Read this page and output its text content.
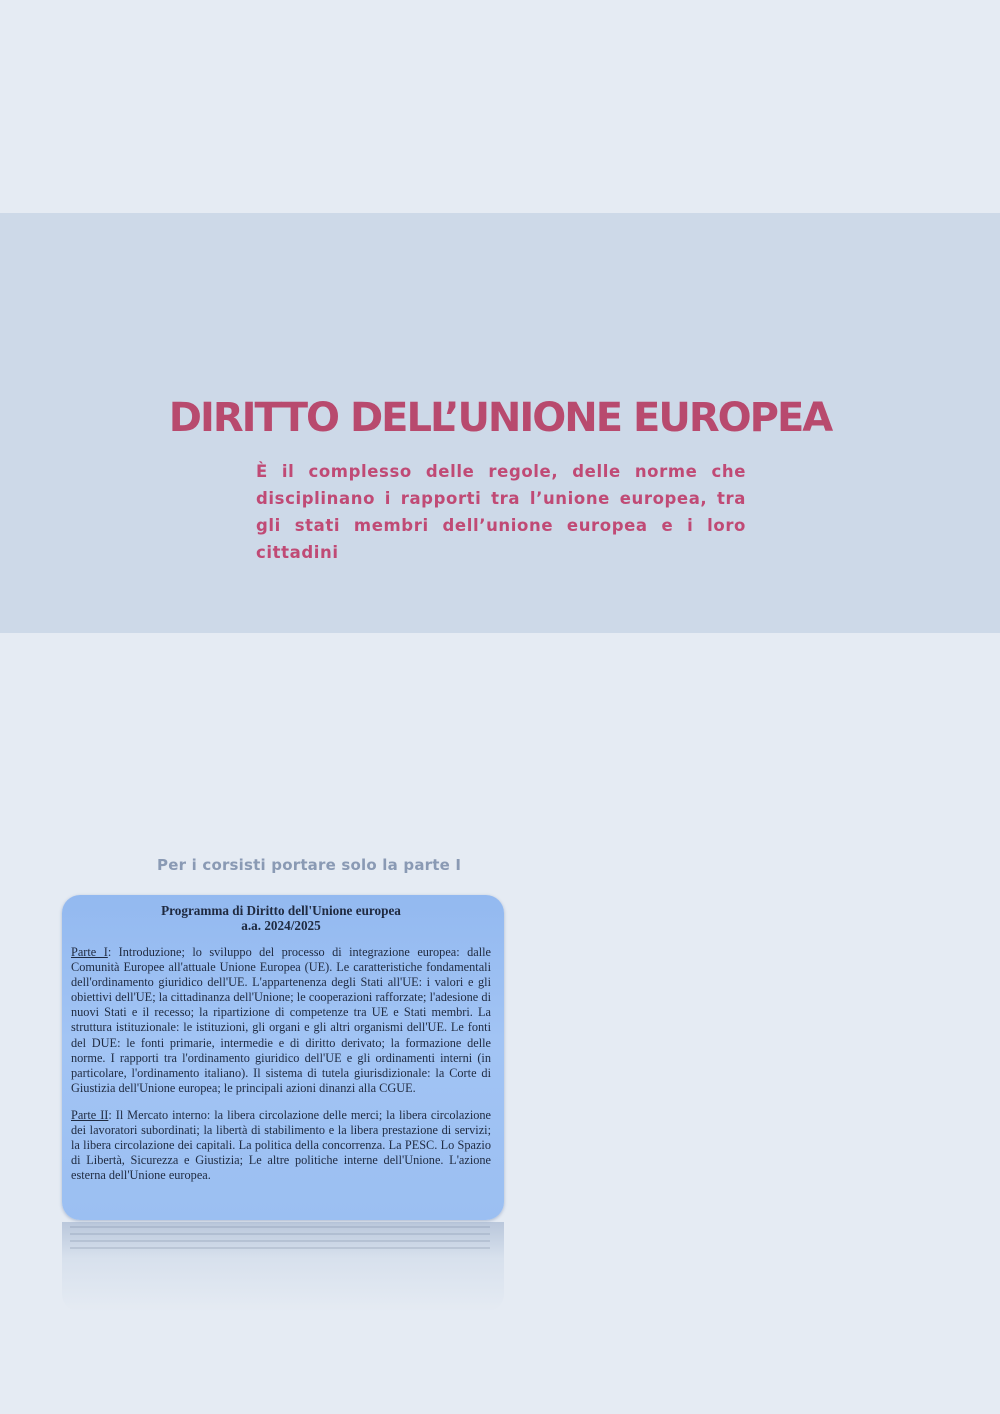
DIRITTO DELL’UNIONE EUROPEA

È il complesso delle regole, delle norme che disciplinano i rapporti tra l’unione europea, tra gli stati membri dell’unione europea e i loro cittadini

Per i corsisti portare solo la parte I

Programma di Diritto dell'Unione europea

a.a. 2024/2025

Parte I: Introduzione; lo sviluppo del processo di integrazione europea: dalle Comunità Europee all'attuale Unione Europea (UE). Le caratteristiche fondamentali dell'ordinamento giuridico dell'UE. L'appartenenza degli Stati all'UE: i valori e gli obiettivi dell'UE; la cittadinanza dell'Unione; le cooperazioni rafforzate; l'adesione di nuovi Stati e il recesso; la ripartizione di competenze tra UE e Stati membri. La struttura istituzionale: le istituzioni, gli organi e gli altri organismi dell'UE. Le fonti del DUE: le fonti primarie, intermedie e di diritto derivato; la formazione delle norme. I rapporti tra l'ordinamento giuridico dell'UE e gli ordinamenti interni (in particolare, l'ordinamento italiano). Il sistema di tutela giurisdizionale: la Corte di Giustizia dell'Unione europea; le principali azioni dinanzi alla CGUE.

Parte II: Il Mercato interno: la libera circolazione delle merci; la libera circolazione dei lavoratori subordinati; la libertà di stabilimento e la libera prestazione di servizi; la libera circolazione dei capitali. La politica della concorrenza. La PESC. Lo Spazio di Libertà, Sicurezza e Giustizia; Le altre politiche interne dell'Unione. L'azione esterna dell'Unione europea.
